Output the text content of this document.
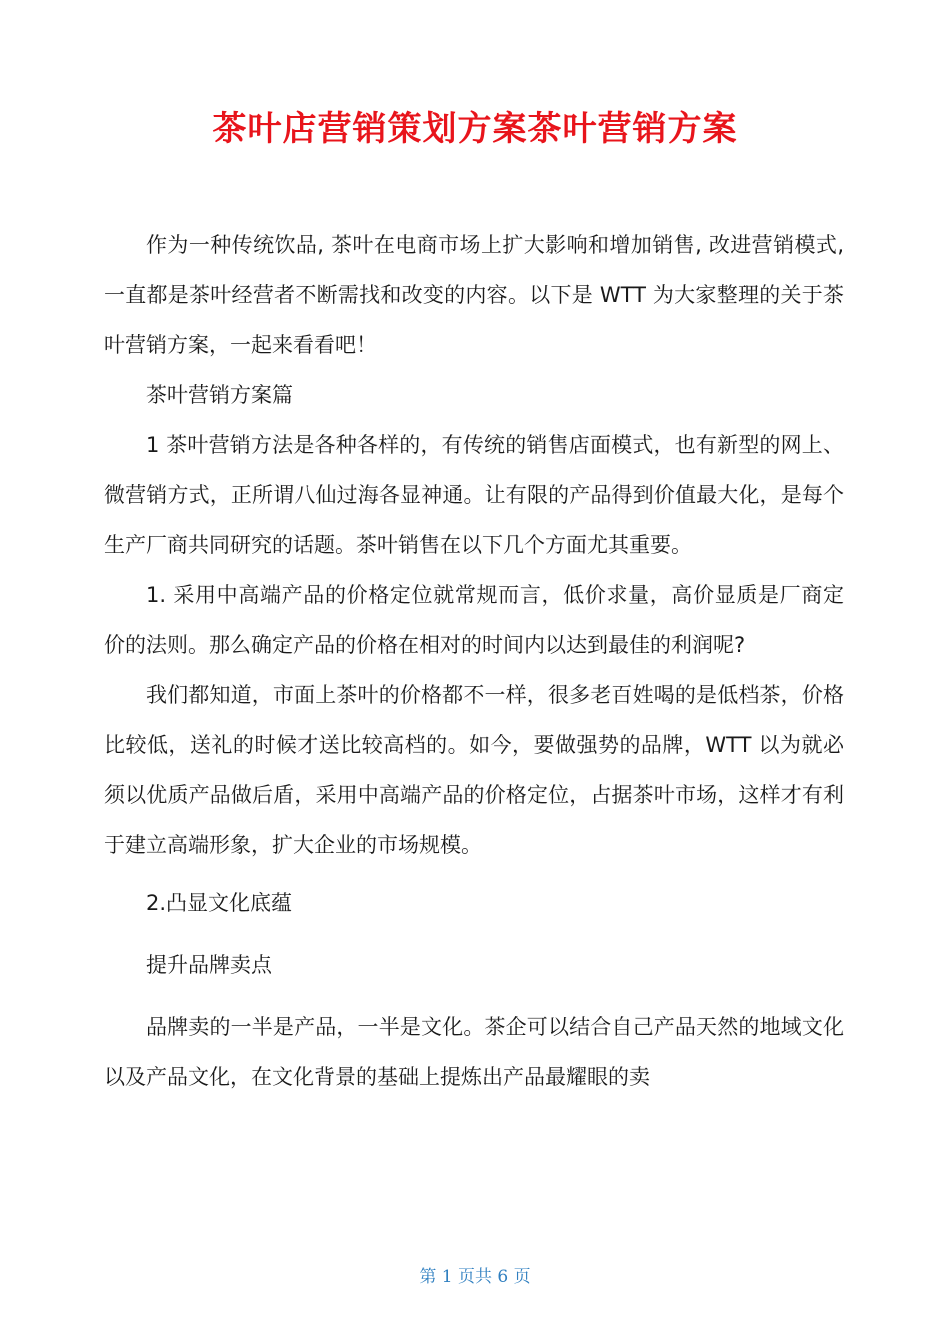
茶叶店营销策划方案茶叶营销方案

作为一种传统饮品, 茶叶在电商市场上扩大影响和增加销售, 改进营销模式, 一直都是茶叶经营者不断需找和改变的内容。以下是 WTT 为大家整理的关于茶叶营销方案，一起来看看吧！

茶叶营销方案篇

1 茶叶营销方法是各种各样的，有传统的销售店面模式，也有新型的网上、微营销方式，正所谓八仙过海各显神通。让有限的产品得到价值最大化，是每个生产厂商共同研究的话题。茶叶销售在以下几个方面尤其重要。

1. 采用中高端产品的价格定位就常规而言，低价求量，高价显质是厂商定价的法则。那么确定产品的价格在相对的时间内以达到最佳的利润呢?

我们都知道，市面上茶叶的价格都不一样，很多老百姓喝的是低档茶，价格比较低，送礼的时候才送比较高档的。如今，要做强势的品牌，WTT 以为就必须以优质产品做后盾，采用中高端产品的价格定位，占据茶叶市场，这样才有利于建立高端形象，扩大企业的市场规模。

2.凸显文化底蕴

提升品牌卖点

品牌卖的一半是产品，一半是文化。茶企可以结合自己产品天然的地域文化以及产品文化，在文化背景的基础上提炼出产品最耀眼的卖

第 1 页共 6 页
